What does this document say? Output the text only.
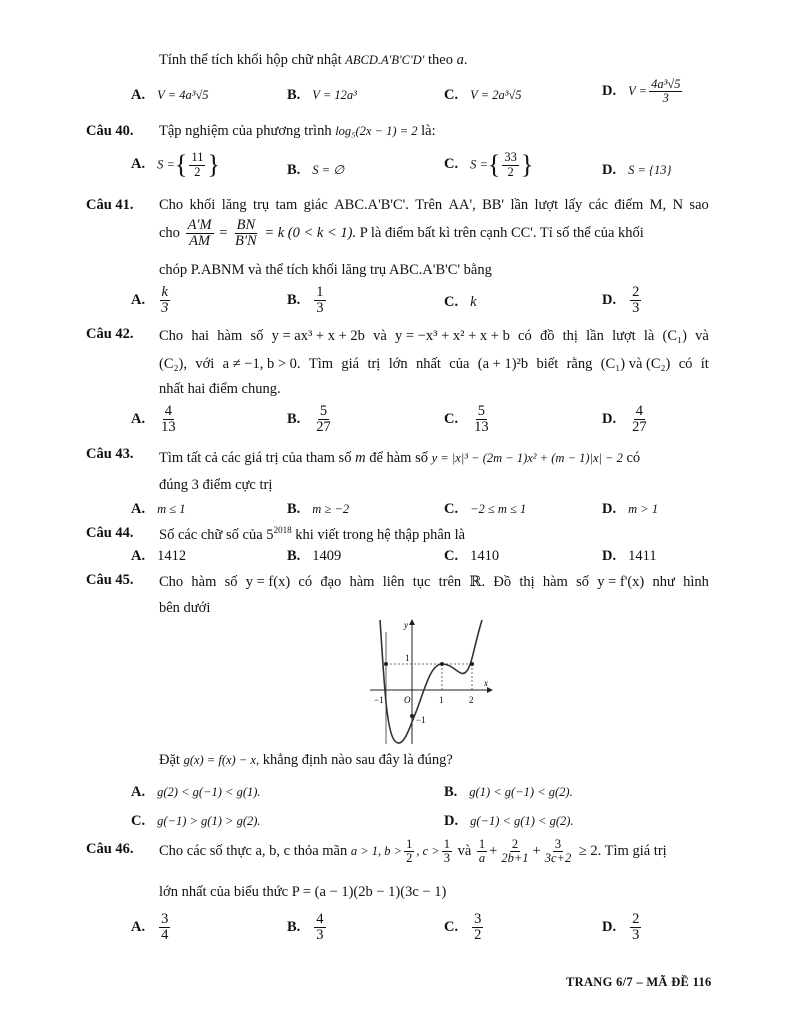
Tính thể tích khối hộp chữ nhật ABCD.A'B'C'D' theo a.
A. V = 4a³√5	B. V = 12a³	C. V = 2a³√5	D. $V = \frac{\text{4a³√5}}{3}$
Câu 40. Tập nghiệm của phương trình log₅(2x − 1) = 2 là:
A. S ={ $\frac{11}{2}$ }	B. S = ∅	C. S ={ $\frac{33}{2}$ }	D. S = {13}
Câu 41. Cho khối lăng trụ tam giác ABC.A'B'C'. Trên AA', BB' lần lượt lấy các điểm M, N sao
cho $\frac{A'M}{AM} = \frac{BN}{B'N} = k$ (0 < k < 1). P là điểm bất kì trên cạnh CC'. Tỉ số thể của khối
chóp P.ABNM và thể tích khối lăng trụ ABC.A'B'C' bằng
A. $\frac{k}{3}$	B. $\frac{1}{3}$	C. k	D. $\frac{2}{3}$
Câu 42. Cho hai hàm số y = ax³ + x + 2b và y = −x³ + x² + x + b có đồ thị lần lượt là (C₁) và
(C₂), với a ≠ −1, b > 0. Tìm giá trị lớn nhất của (a + 1)²b biết rằng (C₁) và (C₂) có ít
nhất hai điểm chung.
A. $\frac{4}{13}$	B. $\frac{5}{27}$	C. $\frac{5}{13}$	D. $\frac{4}{27}$
Câu 43. Tìm tất cả các giá trị của tham số m để hàm số y = |x|³ − (2m − 1)x² + (m − 1)|x| − 2 có
đúng 3 điểm cực trị
A. m ≤ 1	B. m ≥ −2	C. −2 ≤ m ≤ 1	D. m > 1
Câu 44. Số các chữ số của $5^{2018}$ khi viết trong hệ thập phân là
A. 1412	B. 1409	C. 1410	D. 1411
Câu 45. Cho hàm số y = f(x) có đạo hàm liên tục trên ℝ. Đồ thị hàm số y = f'(x) như hình
bên dưới
y
x
1
−1 O	1	2
−1
Đặt g(x) = f(x) − x, khẳng định nào sau đây là đúng?
A. g(2) < g(−1) < g(1).	B. g(1) < g(−1) < g(2).
C. g(−1) > g(1) > g(2).	D. g(−1) < g(1) < g(2).
Câu 46. Cho các số thực a, b, c thỏa mãn a > 1, $b > \frac{1}{2}$ , $c > \frac{1}{3}$ và $\frac{1}{a} + \frac{2}{2b+1} + \frac{3}{3c+2} \ge 2$. Tìm giá trị
lớn nhất của biểu thức P = (a − 1)(2b − 1)(3c − 1)
A. $\frac{3}{4}$	B. $\frac{4}{3}$	C. $\frac{3}{2}$	D. $\frac{2}{3}$
TRANG 6/7 – MÃ ĐỀ 116
